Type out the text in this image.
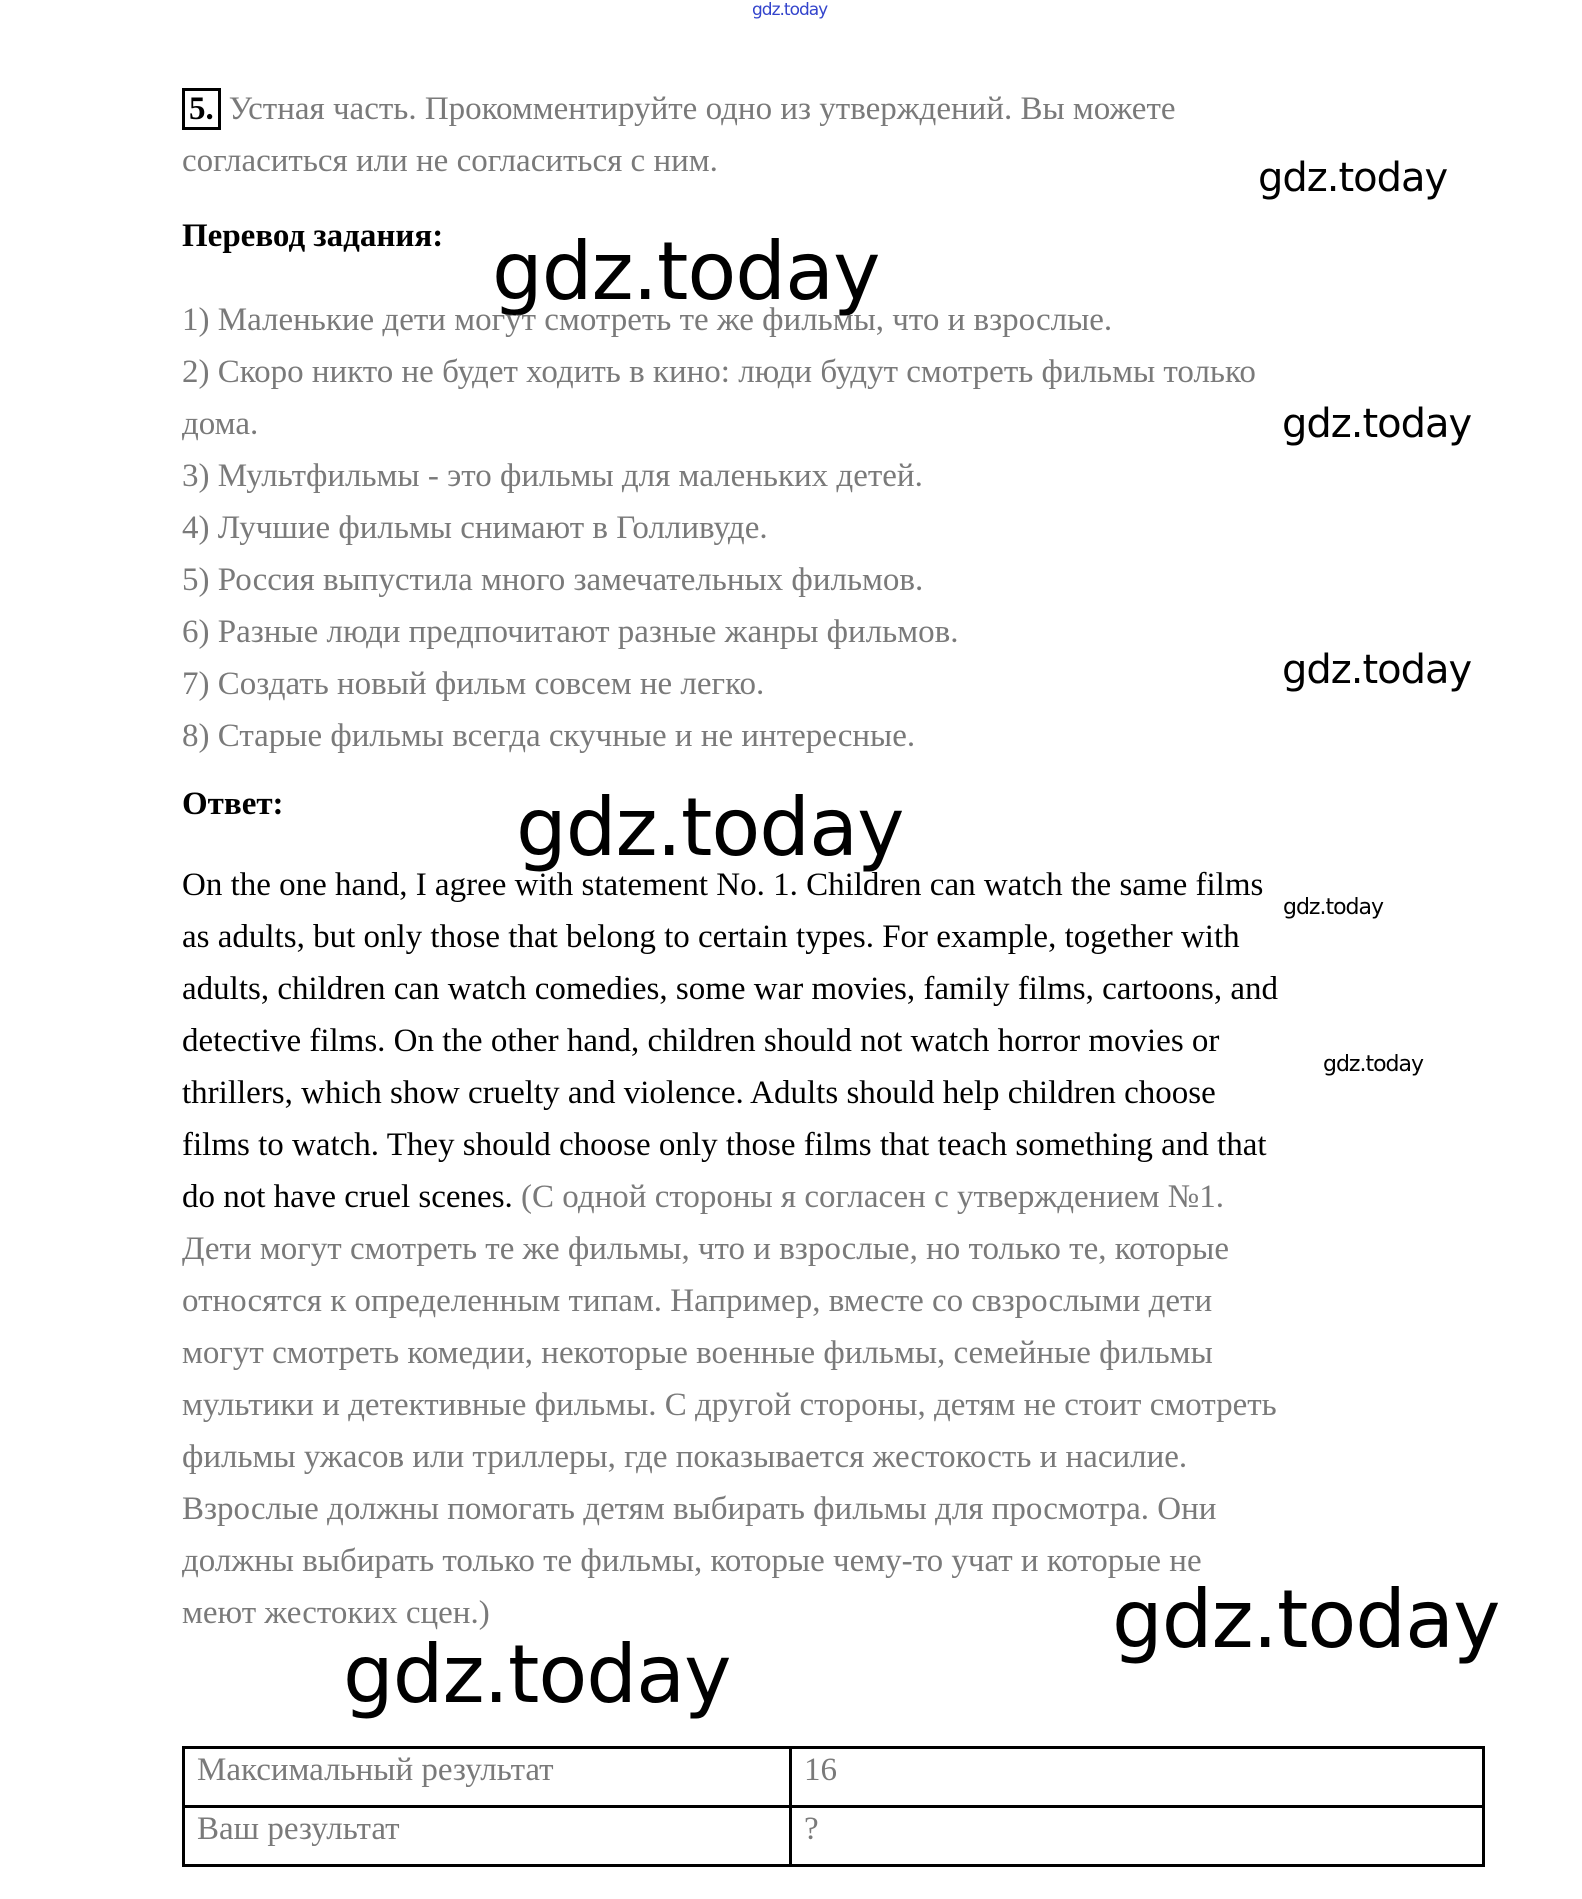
gdz.today
gdz.today
gdz.today
gdz.today
gdz.today
gdz.today
gdz.today
gdz.today
gdz.today
gdz.today
5. Устная часть. Прокомментируйте одно из утверждений. Вы можете
согласиться или не согласиться с ним.
Перевод задания:
1) Маленькие дети могут смотреть те же фильмы, что и взрослые.
2) Скоро никто не будет ходить в кино: люди будут смотреть фильмы только
дома.
3) Мультфильмы - это фильмы для маленьких детей.
4) Лучшие фильмы снимают в Голливуде.
5) Россия выпустила много замечательных фильмов.
6) Разные люди предпочитают разные жанры фильмов.
7) Создать новый фильм совсем не легко.
8) Старые фильмы всегда скучные и не интересные.
Ответ:
On the one hand, I agree with statement No. 1. Children can watch the same films
as adults, but only those that belong to certain types. For example, together with
adults, children can watch comedies, some war movies, family films, cartoons, and
detective films. On the other hand, children should not watch horror movies or
thrillers, which show cruelty and violence. Adults should help children choose
films to watch. They should choose only those films that teach something and that
do not have cruel scenes. (С одной стороны я согласен с утверждением №1.
Дети могут смотреть те же фильмы, что и взрослые, но только те, которые
относятся к определенным типам. Например, вместе со свзрослыми дети
могут смотреть комедии, некоторые военные фильмы, семейные фильмы
мультики и детективные фильмы. С другой стороны, детям не стоит смотреть
фильмы ужасов или триллеры, где показывается жестокость и насилие.
Взрослые должны помогать детям выбирать фильмы для просмотра. Они
должны выбирать только те фильмы, которые чему-то учат и которые не
меют жестоких сцен.)
Максимальный результат	16
Ваш результат	?
